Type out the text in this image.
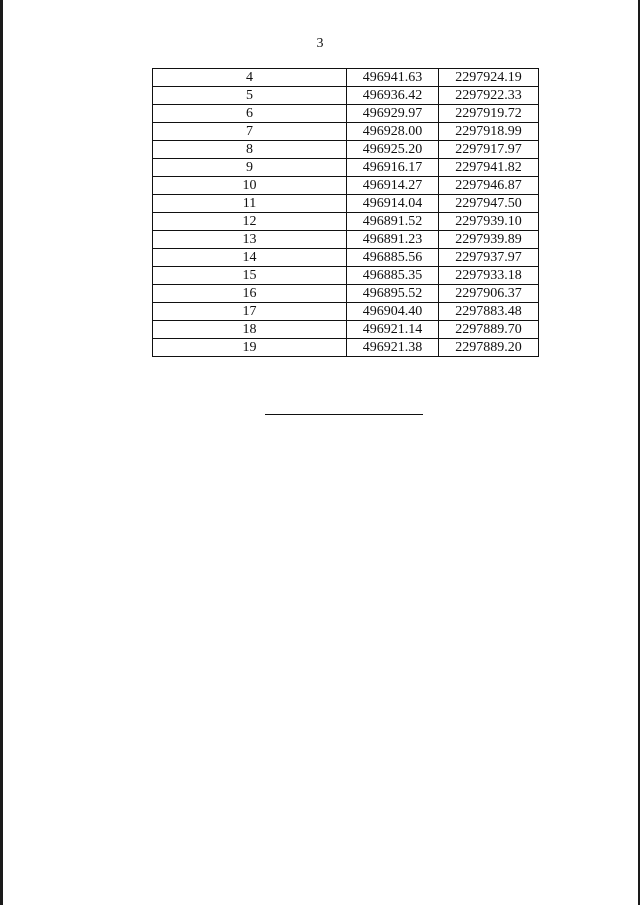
3
4	496941.63	2297924.19
5	496936.42	2297922.33
6	496929.97	2297919.72
7	496928.00	2297918.99
8	496925.20	2297917.97
9	496916.17	2297941.82
10	496914.27	2297946.87
11	496914.04	2297947.50
12	496891.52	2297939.10
13	496891.23	2297939.89
14	496885.56	2297937.97
15	496885.35	2297933.18
16	496895.52	2297906.37
17	496904.40	2297883.48
18	496921.14	2297889.70
19	496921.38	2297889.20
